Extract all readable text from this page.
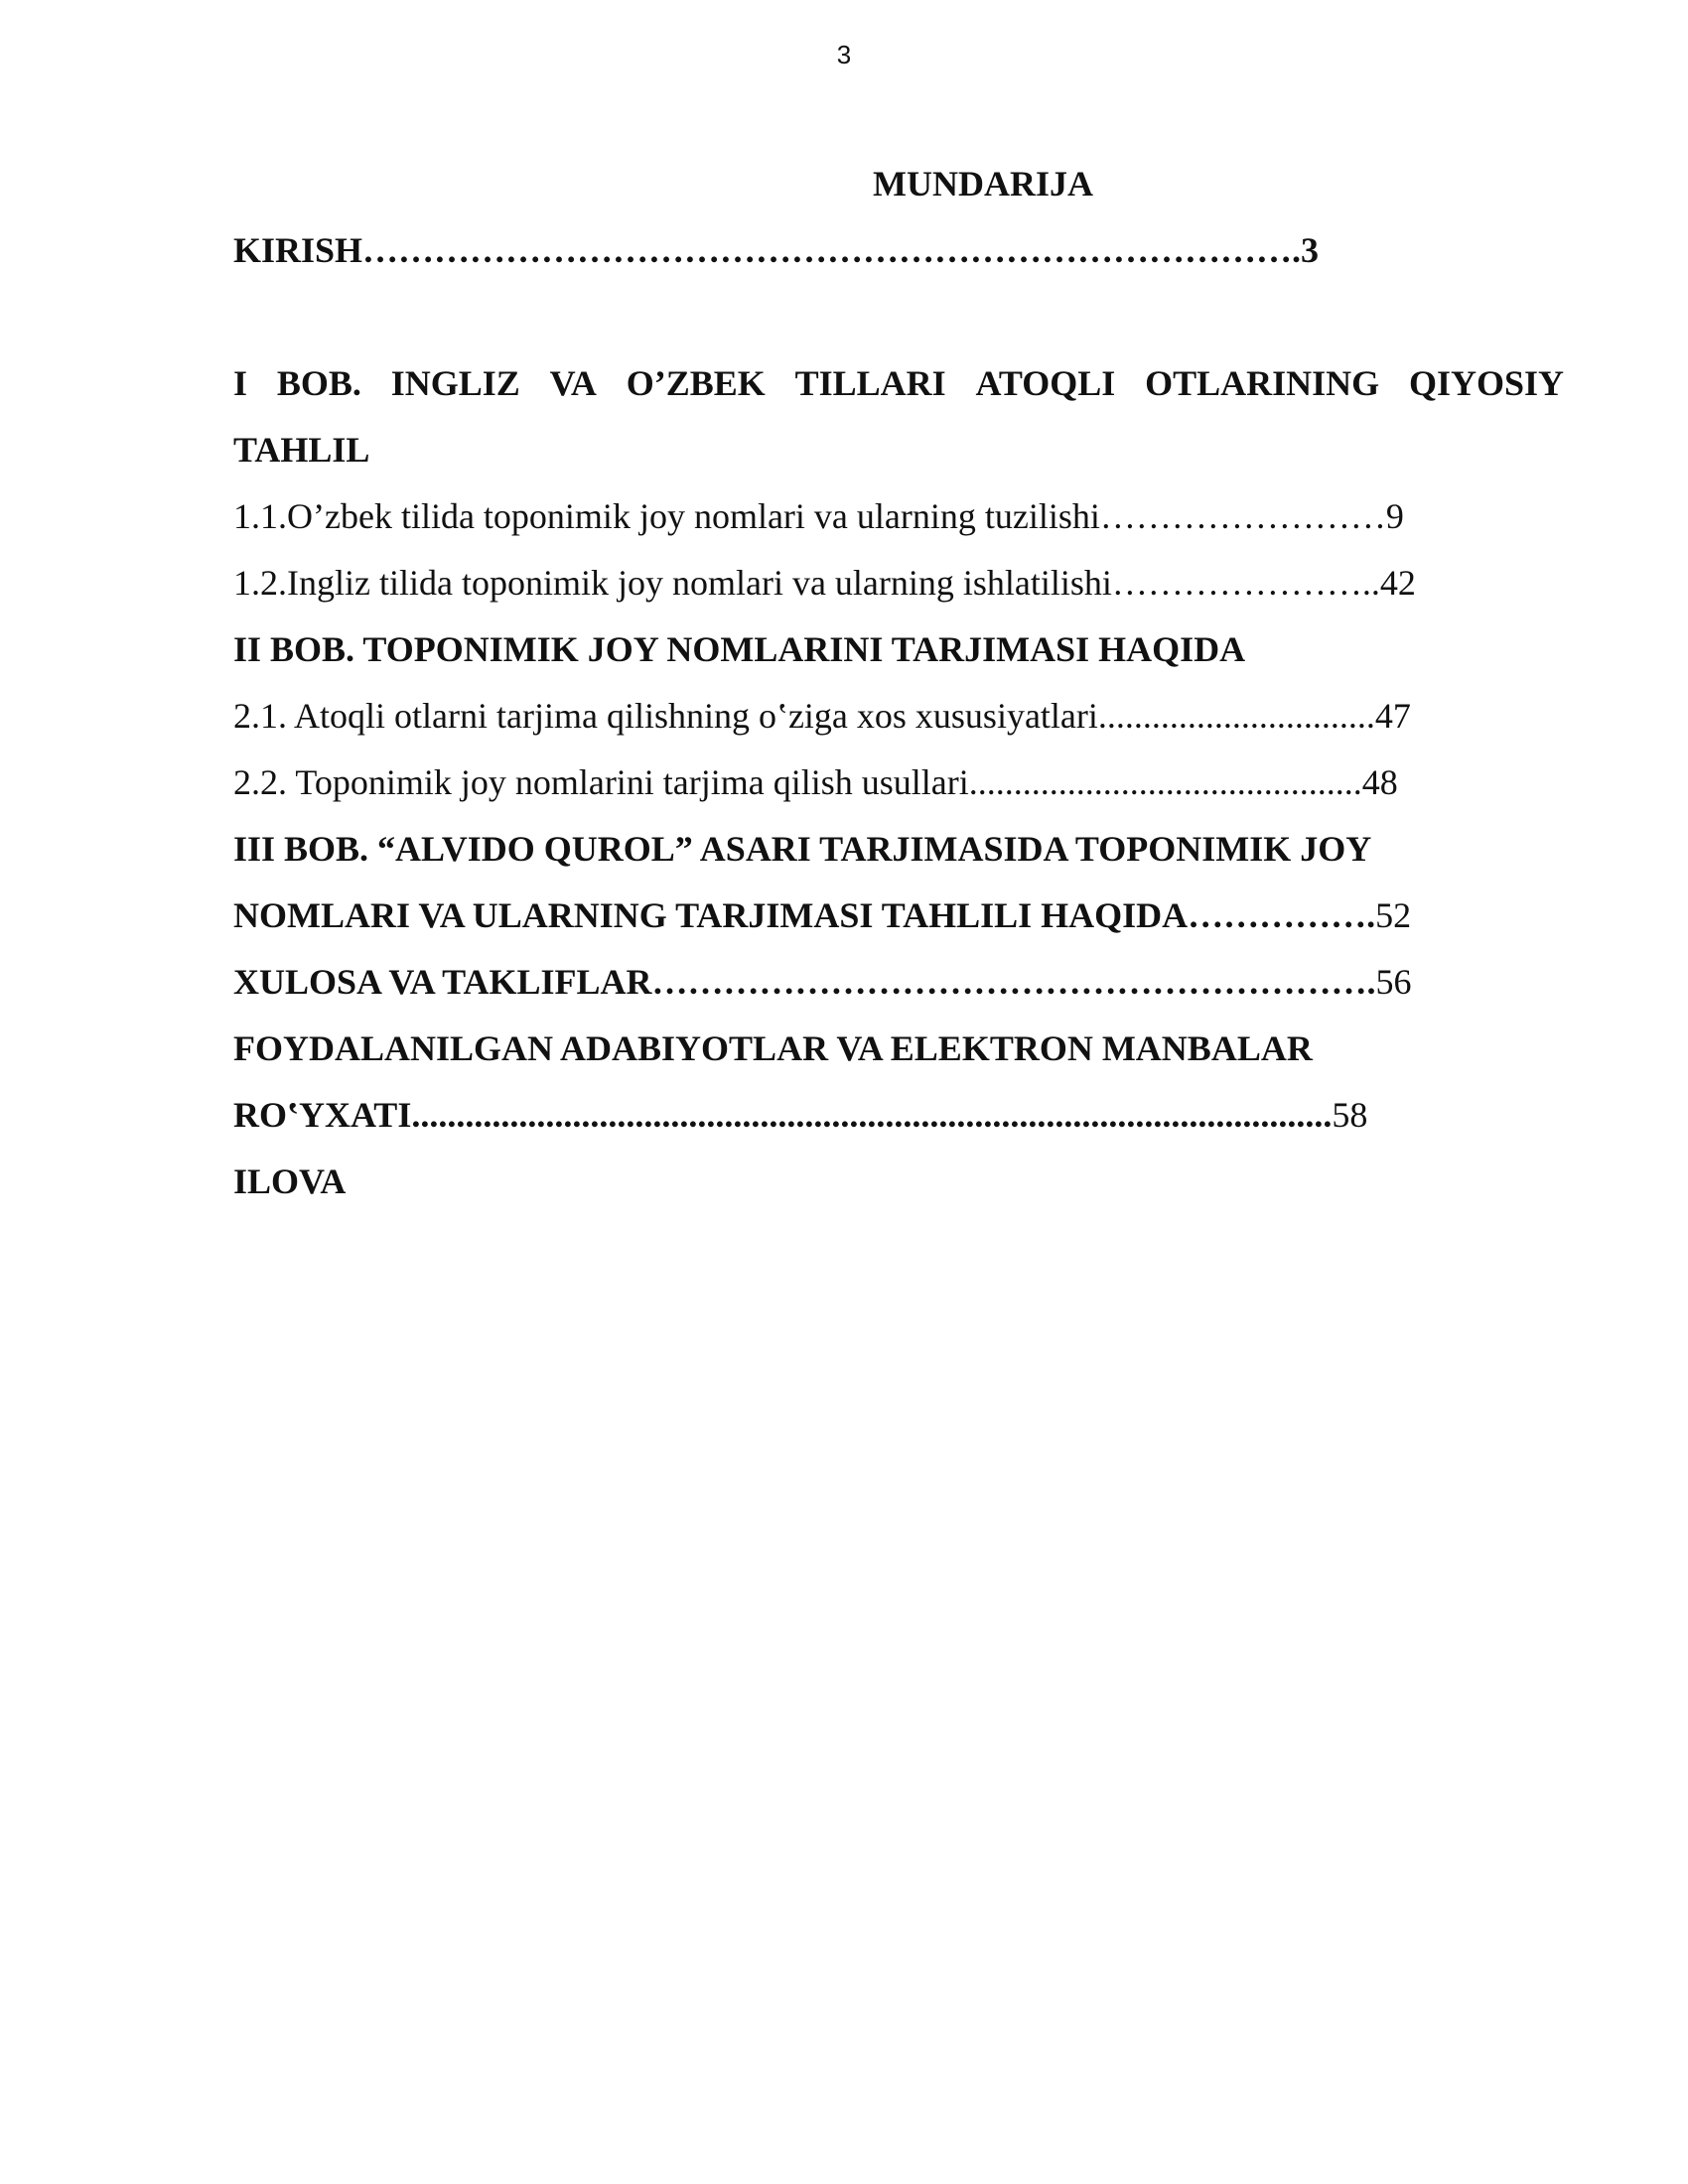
3
MUNDARIJA
KIRISH…………………………………………………………………….3
I BOB. INGLIZ VA O’ZBEK TILLARI ATOQLI OTLARINING QIYOSIY
TAHLIL
1.1.O’zbek tilida toponimik joy nomlari va ularning tuzilishi……………………9
1.2.Ingliz tilida toponimik joy nomlari va ularning ishlatilishi…………………..42
II BOB. TOPONIMIK JOY NOMLARINI TARJIMASI HAQIDA
2.1. Atoqli otlarni tarjima qilishning oʽziga xos xususiyatlari...............................47
2.2. Toponimik joy nomlarini tarjima qilish usullari............................................48
III BOB. “ALVIDO QUROL” ASARI TARJIMASIDA TOPONIMIK JOY
NOMLARI VA ULARNING TARJIMASI TAHLILI HAQIDA…………….52
XULOSA VA TAKLIFLAR…………………………………………………….56
FOYDALANILGAN ADABIYOTLAR VA ELEKTRON MANBALAR
ROʽYXATI.......................................................................................................58
ILOVA
